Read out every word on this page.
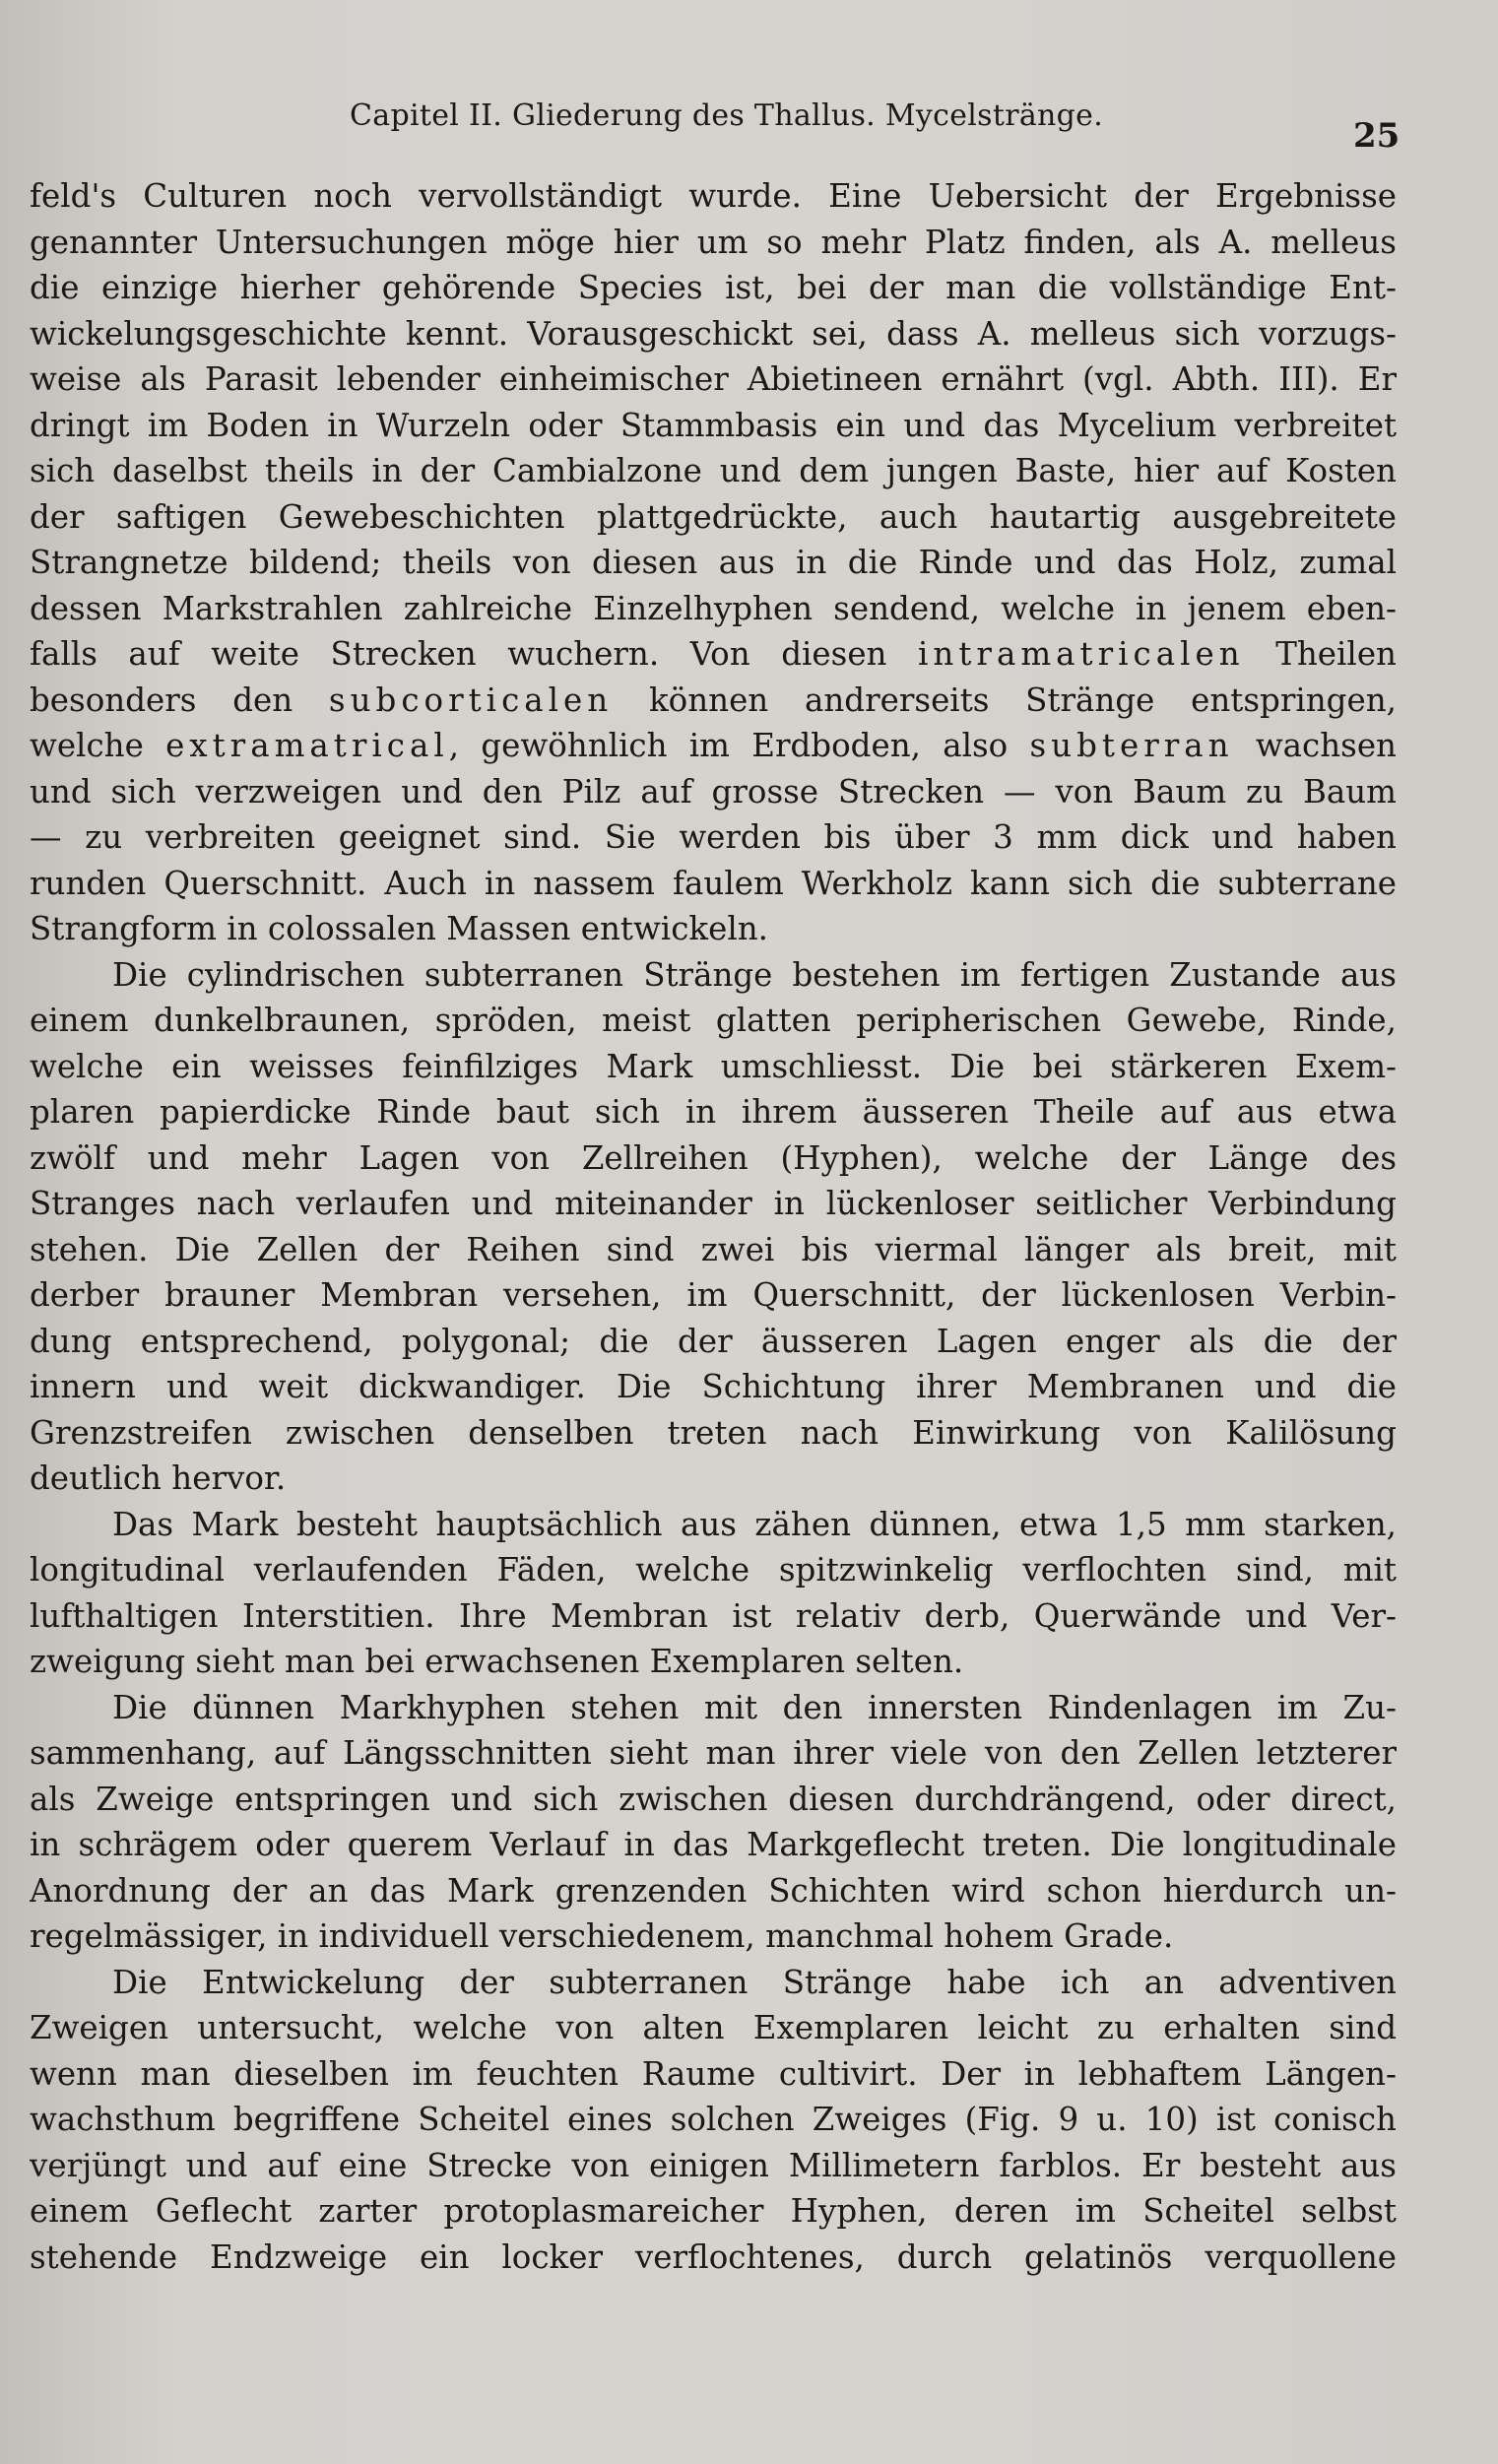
Capitel II. Gliederung des Thallus. Mycelstränge.
25
feld's Culturen noch vervollständigt wurde. Eine Uebersicht der Ergebnisse
genannter Untersuchungen möge hier um so mehr Platz finden, als A. melleus
die einzige hierher gehörende Species ist, bei der man die vollständige Ent-
wickelungsgeschichte kennt. Vorausgeschickt sei, dass A. melleus sich vorzugs-
weise als Parasit lebender einheimischer Abietineen ernährt (vgl. Abth. III). Er
dringt im Boden in Wurzeln oder Stammbasis ein und das Mycelium verbreitet
sich daselbst theils in der Cambialzone und dem jungen Baste, hier auf Kosten
der saftigen Gewebeschichten plattgedrückte, auch hautartig ausgebreitete
Strangnetze bildend; theils von diesen aus in die Rinde und das Holz, zumal
dessen Markstrahlen zahlreiche Einzelhyphen sendend, welche in jenem eben-
falls auf weite Strecken wuchern. Von diesen intramatricalen Theilen
besonders den subcorticalen können andrerseits Stränge entspringen,
welche extramatrical, gewöhnlich im Erdboden, also subterran wachsen
und sich verzweigen und den Pilz auf grosse Strecken — von Baum zu Baum
— zu verbreiten geeignet sind. Sie werden bis über 3 mm dick und haben
runden Querschnitt. Auch in nassem faulem Werkholz kann sich die subterrane
Strangform in colossalen Massen entwickeln.
Die cylindrischen subterranen Stränge bestehen im fertigen Zustande aus
einem dunkelbraunen, spröden, meist glatten peripherischen Gewebe, Rinde,
welche ein weisses feinfilziges Mark umschliesst. Die bei stärkeren Exem-
plaren papierdicke Rinde baut sich in ihrem äusseren Theile auf aus etwa
zwölf und mehr Lagen von Zellreihen (Hyphen), welche der Länge des
Stranges nach verlaufen und miteinander in lückenloser seitlicher Verbindung
stehen. Die Zellen der Reihen sind zwei bis viermal länger als breit, mit
derber brauner Membran versehen, im Querschnitt, der lückenlosen Verbin-
dung entsprechend, polygonal; die der äusseren Lagen enger als die der
innern und weit dickwandiger. Die Schichtung ihrer Membranen und die
Grenzstreifen zwischen denselben treten nach Einwirkung von Kalilösung
deutlich hervor.
Das Mark besteht hauptsächlich aus zähen dünnen, etwa 1,5 mm starken,
longitudinal verlaufenden Fäden, welche spitzwinkelig verflochten sind, mit
lufthaltigen Interstitien. Ihre Membran ist relativ derb, Querwände und Ver-
zweigung sieht man bei erwachsenen Exemplaren selten.
Die dünnen Markhyphen stehen mit den innersten Rindenlagen im Zu-
sammenhang, auf Längsschnitten sieht man ihrer viele von den Zellen letzterer
als Zweige entspringen und sich zwischen diesen durchdrängend, oder direct,
in schrägem oder querem Verlauf in das Markgeflecht treten. Die longitudinale
Anordnung der an das Mark grenzenden Schichten wird schon hierdurch un-
regelmässiger, in individuell verschiedenem, manchmal hohem Grade.
Die Entwickelung der subterranen Stränge habe ich an adventiven
Zweigen untersucht, welche von alten Exemplaren leicht zu erhalten sind
wenn man dieselben im feuchten Raume cultivirt. Der in lebhaftem Längen-
wachsthum begriffene Scheitel eines solchen Zweiges (Fig. 9 u. 10) ist conisch
verjüngt und auf eine Strecke von einigen Millimetern farblos. Er besteht aus
einem Geflecht zarter protoplasmareicher Hyphen, deren im Scheitel selbst
stehende Endzweige ein locker verflochtenes, durch gelatinös verquollene
